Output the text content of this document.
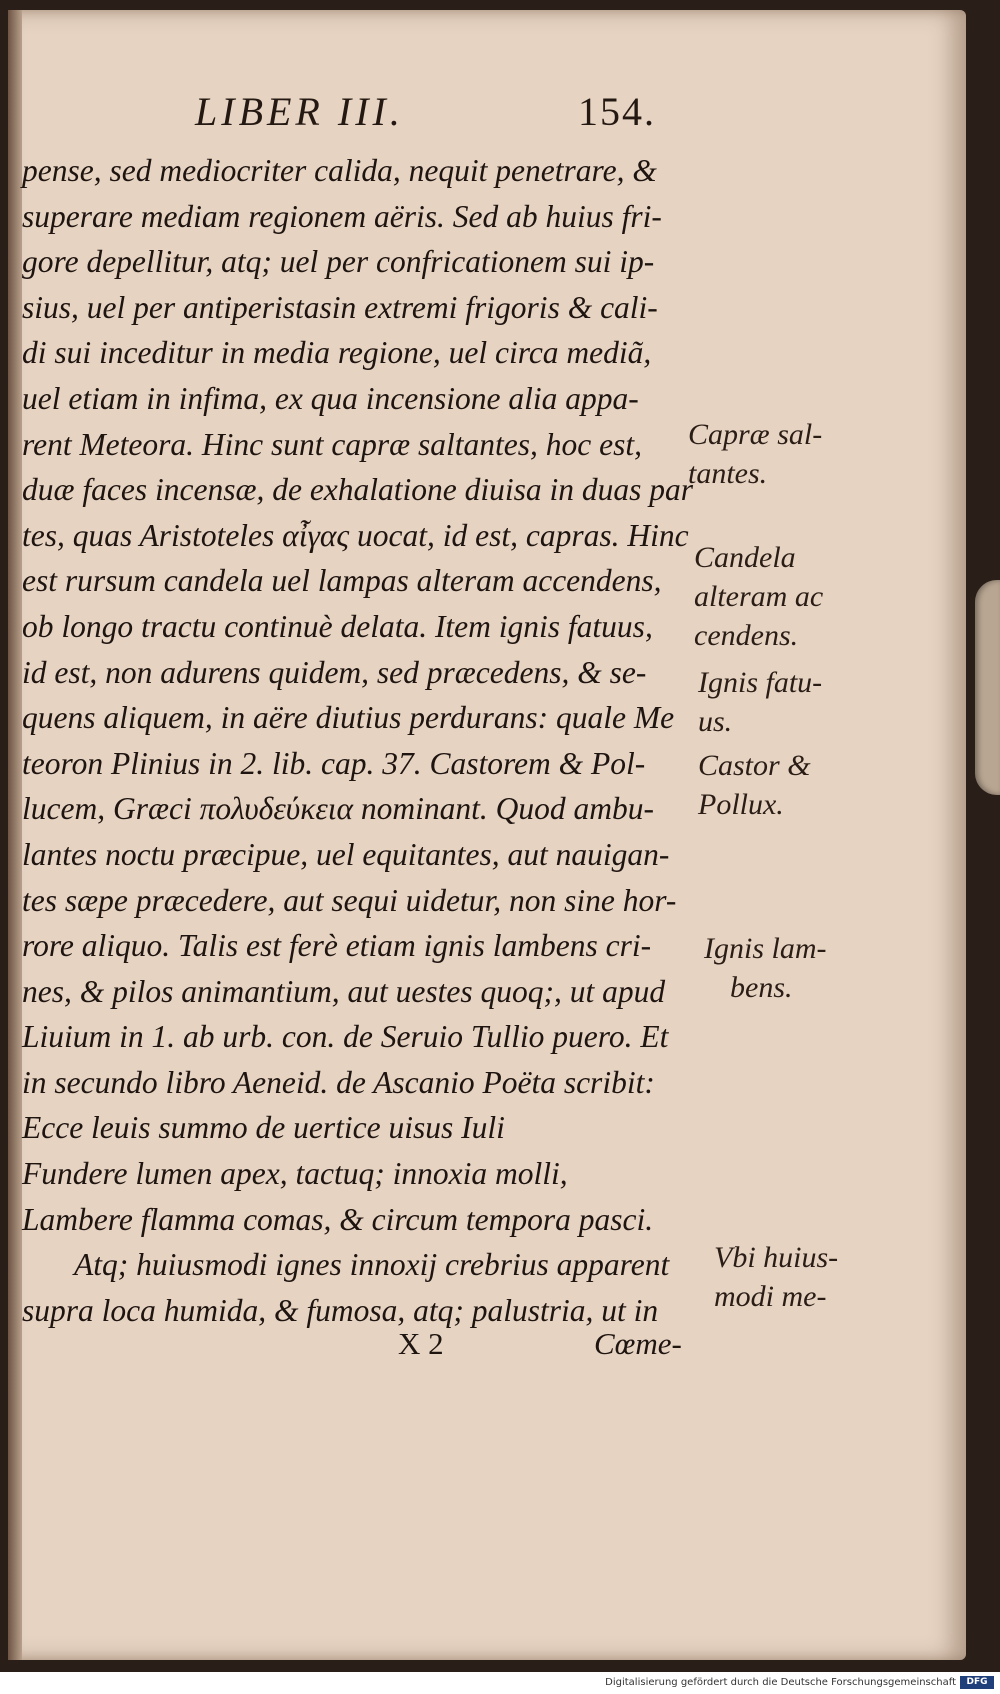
LIBER III.	154.
pense, sed mediocriter calida, nequit penetrare, &
superare mediam regionem aëris. Sed ab huius fri-
gore depellitur, atq; uel per confricationem sui ip-
sius, uel per antiperistasin extremi frigoris & cali-
di sui inceditur in media regione, uel circa mediã,
uel etiam in infima, ex qua incensione alia appa-
rent Meteora. Hinc sunt capræ saltantes, hoc est,
duæ faces incensæ, de exhalatione diuisa in duas par
tes, quas Aristoteles αἶγας uocat, id est, capras. Hinc
est rursum candela uel lampas alteram accendens,
ob longo tractu continuè delata. Item ignis fatuus,
id est, non adurens quidem, sed præcedens, & se-
quens aliquem, in aëre diutius perdurans: quale Me
teoron Plinius in 2. lib. cap. 37. Castorem & Pol-
lucem, Græci πολυδεύκεια nominant. Quod ambu-
lantes noctu præcipue, uel equitantes, aut nauigan-
tes sæpe præcedere, aut sequi uidetur, non sine hor-
rore aliquo. Talis est ferè etiam ignis lambens cri-
nes, & pilos animantium, aut uestes quoq;, ut apud
Liuium in 1. ab urb. con. de Seruio Tullio puero. Et
in secundo libro Aeneid. de Ascanio Poëta scribit:
Ecce leuis summo de uertice uisus Iuli
Fundere lumen apex, tactuq; innoxia molli,
Lambere flamma comas, & circum tempora pasci.
Atq; huiusmodi ignes innoxij crebrius apparent
supra loca humida, & fumosa, atq; palustria, ut in
Capræ sal-
tantes.
Candela
alteram ac
cendens.
Ignis fatu-
us.
Castor &
Pollux.
Ignis lam-
bens.
Vbi huius-
modi me-
X 2	Cœme-
Digitalisierung gefördert durch die Deutsche Forschungsgemeinschaft	DFG
